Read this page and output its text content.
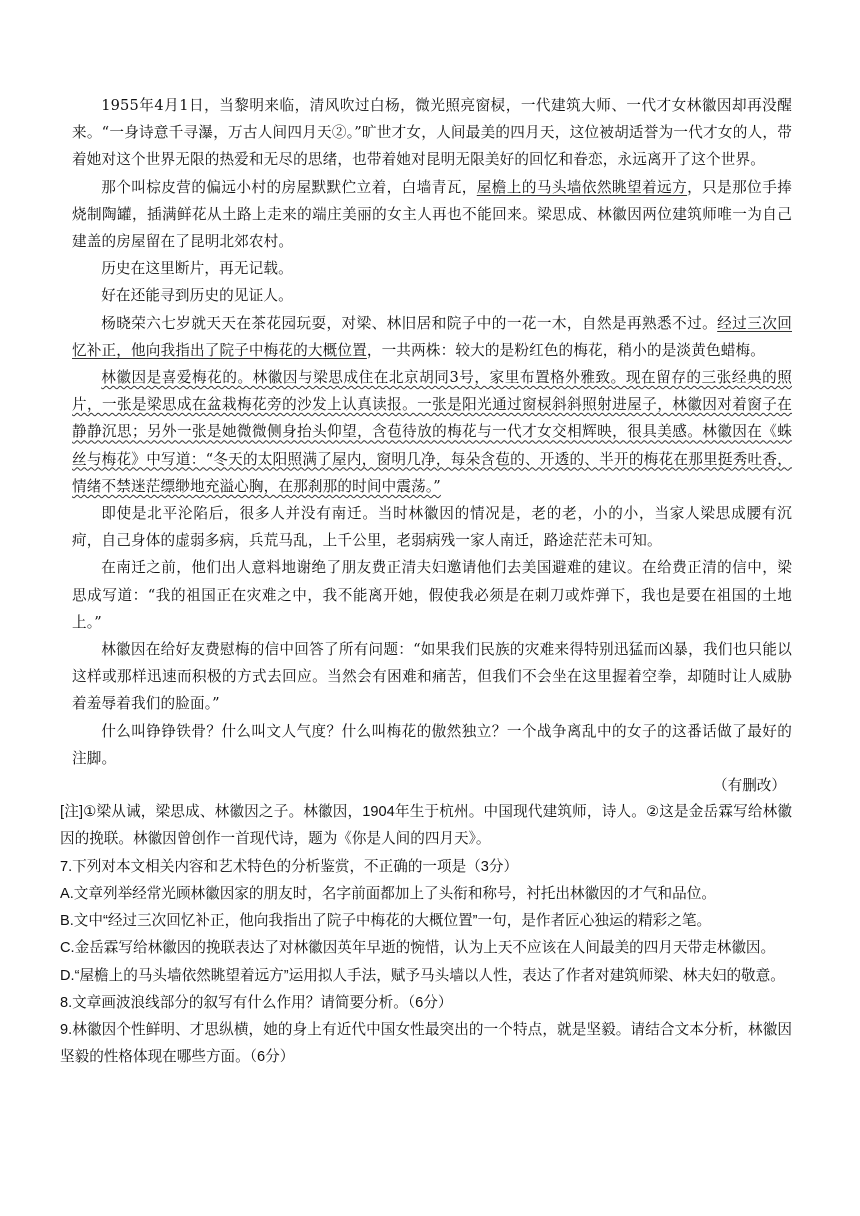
1955年4月1日，当黎明来临，清风吹过白杨，微光照亮窗棂，一代建筑大师、一代才女林徽因却再没醒来。“一身诗意千寻瀑，万古人间四月天②。”旷世才女，人间最美的四月天，这位被胡适誉为一代才女的人，带着她对这个世界无限的热爱和无尽的思绪，也带着她对昆明无限美好的回忆和眷恋，永远离开了这个世界。

那个叫棕皮营的偏远小村的房屋默默伫立着，白墙青瓦，屋檐上的马头墙依然眺望着远方，只是那位手捧烧制陶罐，插满鲜花从土路上走来的端庄美丽的女主人再也不能回来。梁思成、林徽因两位建筑师唯一为自己建盖的房屋留在了昆明北郊农村。

历史在这里断片，再无记载。

好在还能寻到历史的见证人。

杨晓荣六七岁就天天在茶花园玩耍，对梁、林旧居和院子中的一花一木，自然是再熟悉不过。经过三次回忆补正，他向我指出了院子中梅花的大概位置，一共两株：较大的是粉红色的梅花，稍小的是淡黄色蜡梅。

林徽因是喜爱梅花的。林徽因与梁思成住在北京胡同3号，家里布置格外雅致。现在留存的三张经典的照片，一张是梁思成在盆栽梅花旁的沙发上认真读报。一张是阳光通过窗棂斜斜照射进屋子，林徽因对着窗子在静静沉思；另外一张是她微微侧身抬头仰望，含苞待放的梅花与一代才女交相辉映，很具美感。林徽因在《蛛丝与梅花》中写道：“冬天的太阳照满了屋内，窗明几净，每朵含苞的、开透的、半开的梅花在那里挺秀吐香，情绪不禁迷茫缥缈地充溢心胸，在那刹那的时间中震荡。”

即使是北平沦陷后，很多人并没有南迁。当时林徽因的情况是，老的老，小的小，当家人梁思成腰有沉疴，自己身体的虚弱多病，兵荒马乱，上千公里，老弱病残一家人南迁，路途茫茫未可知。

在南迁之前，他们出人意料地谢绝了朋友费正清夫妇邀请他们去美国避难的建议。在给费正清的信中，梁思成写道：“我的祖国正在灾难之中，我不能离开她，假使我必须是在刺刀或炸弹下，我也是要在祖国的土地上。”

林徽因在给好友费慰梅的信中回答了所有问题：“如果我们民族的灾难来得特别迅猛而凶暴，我们也只能以这样或那样迅速而积极的方式去回应。当然会有困难和痛苦，但我们不会坐在这里握着空拳，却随时让人威胁着羞辱着我们的脸面。”

什么叫铮铮铁骨？什么叫文人气度？什么叫梅花的傲然独立？一个战争离乱中的女子的这番话做了最好的注脚。

（有删改）

[注]①梁从诫，梁思成、林徽因之子。林徽因，1904年生于杭州。中国现代建筑师，诗人。②这是金岳霖写给林徽因的挽联。林徽因曾创作一首现代诗，题为《你是人间的四月天》。

7.下列对本文相关内容和艺术特色的分析鉴赏，不正确的一项是（3分）

A.文章列举经常光顾林徽因家的朋友时，名字前面都加上了头衔和称号，衬托出林徽因的才气和品位。

B.文中“经过三次回忆补正，他向我指出了院子中梅花的大概位置”一句，是作者匠心独运的精彩之笔。

C.金岳霖写给林徽因的挽联表达了对林徽因英年早逝的惋惜，认为上天不应该在人间最美的四月天带走林徽因。

D.“屋檐上的马头墙依然眺望着远方”运用拟人手法，赋予马头墙以人性，表达了作者对建筑师梁、林夫妇的敬意。

8.文章画波浪线部分的叙写有什么作用？请简要分析。（6分）

9.林徽因个性鲜明、才思纵横，她的身上有近代中国女性最突出的一个特点，就是坚毅。请结合文本分析，林徽因坚毅的性格体现在哪些方面。（6分）
